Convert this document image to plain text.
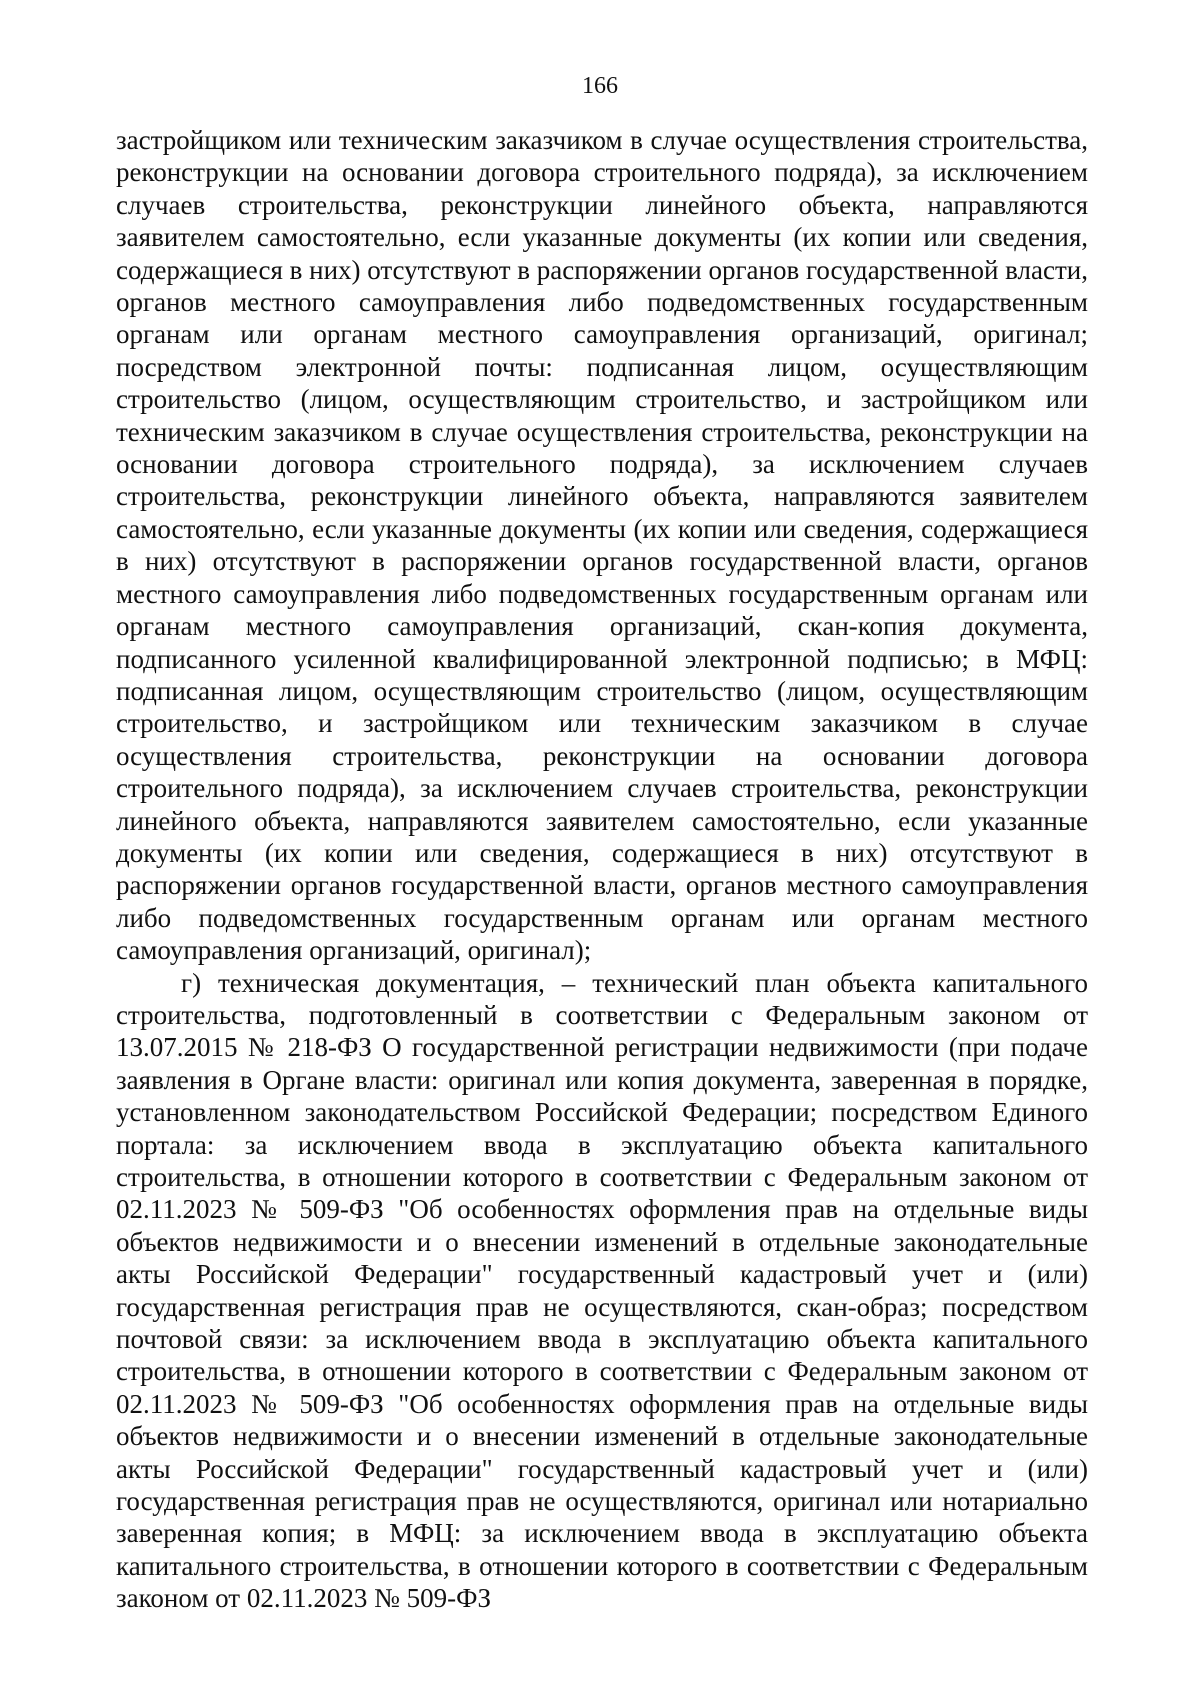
166

застройщиком или техническим заказчиком в случае осуществления строительства, реконструкции на основании договора строительного подряда), за исключением случаев строительства, реконструкции линейного объекта, направляются заявителем самостоятельно, если указанные документы (их копии или сведения, содержащиеся в них) отсутствуют в распоряжении органов государственной власти, органов местного самоуправления либо подведомственных государственным органам или органам местного самоуправления организаций, оригинал; посредством электронной почты: подписанная лицом, осуществляющим строительство (лицом, осуществляющим строительство, и застройщиком или техническим заказчиком в случае осуществления строительства, реконструкции на основании договора строительного подряда), за исключением случаев строительства, реконструкции линейного объекта, направляются заявителем самостоятельно, если указанные документы (их копии или сведения, содержащиеся в них) отсутствуют в распоряжении органов государственной власти, органов местного самоуправления либо подведомственных государственным органам или органам местного самоуправления организаций, скан-копия документа, подписанного усиленной квалифицированной электронной подписью; в МФЦ: подписанная лицом, осуществляющим строительство (лицом, осуществляющим строительство, и застройщиком или техническим заказчиком в случае осуществления строительства, реконструкции на основании договора строительного подряда), за исключением случаев строительства, реконструкции линейного объекта, направляются заявителем самостоятельно, если указанные документы (их копии или сведения, содержащиеся в них) отсутствуют в распоряжении органов государственной власти, органов местного самоуправления либо подведомственных государственным органам или органам местного самоуправления организаций, оригинал);

г) техническая документация, – технический план объекта капитального строительства, подготовленный в соответствии с Федеральным законом от 13.07.2015 № 218-ФЗ О государственной регистрации недвижимости (при подаче заявления в Органе власти: оригинал или копия документа, заверенная в порядке, установленном законодательством Российской Федерации; посредством Единого портала: за исключением ввода в эксплуатацию объекта капитального строительства, в отношении которого в соответствии с Федеральным законом от 02.11.2023 № 509-ФЗ "Об особенностях оформления прав на отдельные виды объектов недвижимости и о внесении изменений в отдельные законодательные акты Российской Федерации" государственный кадастровый учет и (или) государственная регистрация прав не осуществляются, скан-образ; посредством почтовой связи: за исключением ввода в эксплуатацию объекта капитального строительства, в отношении которого в соответствии с Федеральным законом от 02.11.2023 № 509-ФЗ "Об особенностях оформления прав на отдельные виды объектов недвижимости и о внесении изменений в отдельные законодательные акты Российской Федерации" государственный кадастровый учет и (или) государственная регистрация прав не осуществляются, оригинал или нотариально заверенная копия; в МФЦ: за исключением ввода в эксплуатацию объекта капитального строительства, в отношении которого в соответствии с Федеральным законом от 02.11.2023 № 509-ФЗ
